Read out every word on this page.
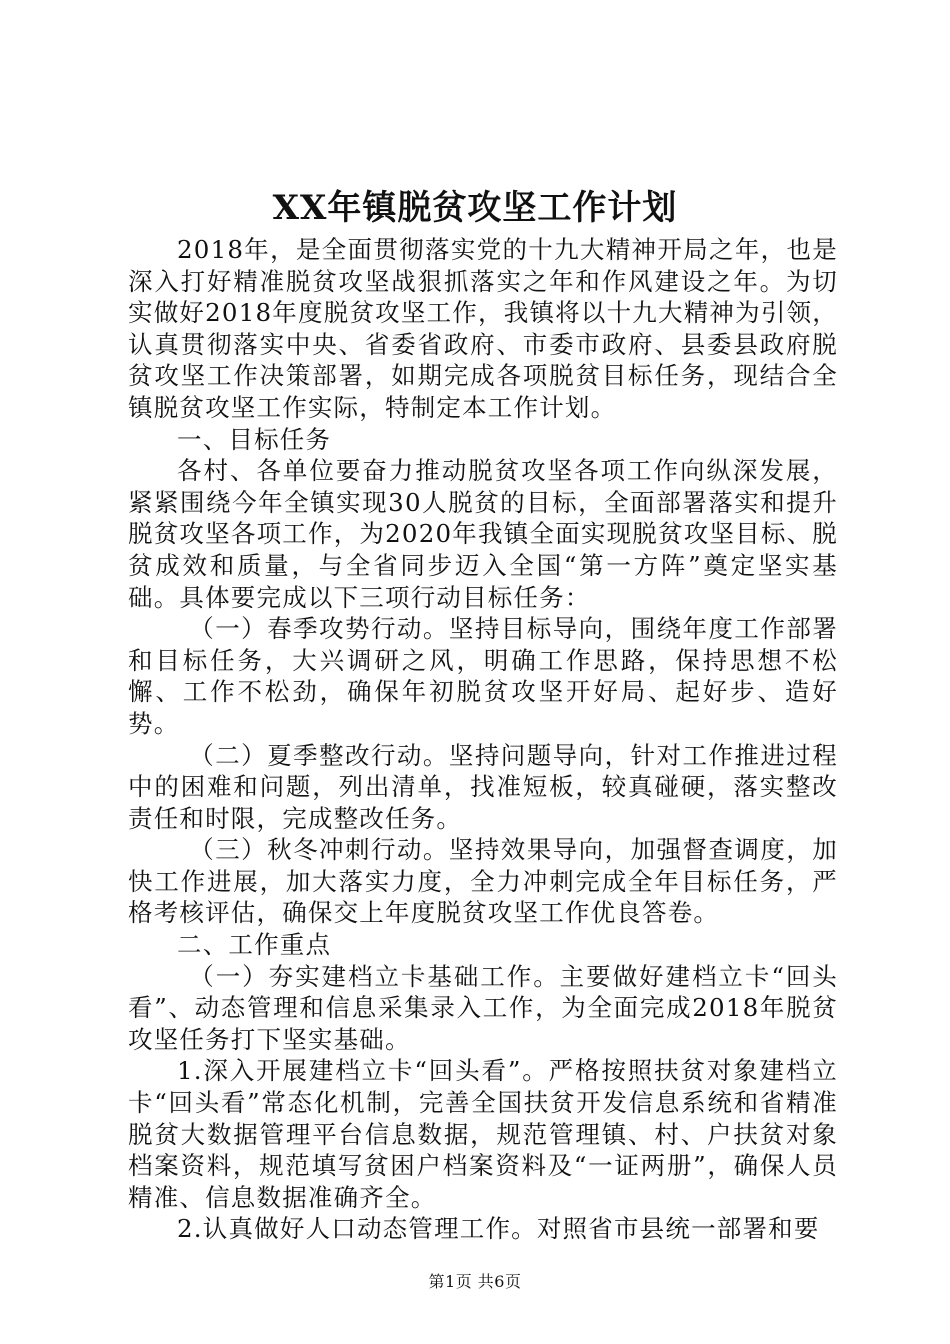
XX年镇脱贫攻坚工作计划

2018年，是全面贯彻落实党的十九大精神开局之年，也是深入打好精准脱贫攻坚战狠抓落实之年和作风建设之年。为切实做好2018年度脱贫攻坚工作，我镇将以十九大精神为引领，认真贯彻落实中央、省委省政府、市委市政府、县委县政府脱贫攻坚工作决策部署，如期完成各项脱贫目标任务，现结合全镇脱贫攻坚工作实际，特制定本工作计划。

一、目标任务

各村、各单位要奋力推动脱贫攻坚各项工作向纵深发展，紧紧围绕今年全镇实现30人脱贫的目标，全面部署落实和提升脱贫攻坚各项工作，为2020年我镇全面实现脱贫攻坚目标、脱贫成效和质量，与全省同步迈入全国“第一方阵”奠定坚实基础。具体要完成以下三项行动目标任务：

（一）春季攻势行动。坚持目标导向，围绕年度工作部署和目标任务，大兴调研之风，明确工作思路，保持思想不松懈、工作不松劲，确保年初脱贫攻坚开好局、起好步、造好势。

（二）夏季整改行动。坚持问题导向，针对工作推进过程中的困难和问题，列出清单，找准短板，较真碰硬，落实整改责任和时限，完成整改任务。

（三）秋冬冲刺行动。坚持效果导向，加强督查调度，加快工作进展，加大落实力度，全力冲刺完成全年目标任务，严格考核评估，确保交上年度脱贫攻坚工作优良答卷。

二、工作重点

（一）夯实建档立卡基础工作。主要做好建档立卡“回头看”、动态管理和信息采集录入工作，为全面完成2018年脱贫攻坚任务打下坚实基础。

1.深入开展建档立卡“回头看”。严格按照扶贫对象建档立卡“回头看”常态化机制，完善全国扶贫开发信息系统和省精准脱贫大数据管理平台信息数据，规范管理镇、村、户扶贫对象档案资料，规范填写贫困户档案资料及“一证两册”，确保人员精准、信息数据准确齐全。

2.认真做好人口动态管理工作。对照省市县统一部署和要

第1页 共6页
